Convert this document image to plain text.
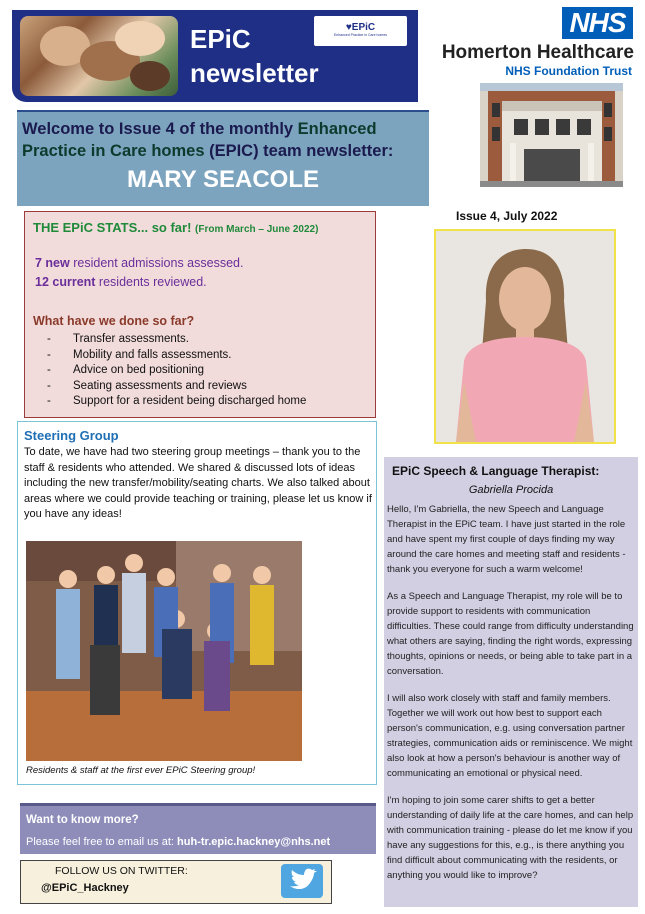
EPiC
newsletter
♥EPiC
Enhanced Practice in Care homes	NHS
Homerton Healthcare
NHS Foundation Trust
Welcome to Issue 4 of the monthly Enhanced Practice in Care homes (EPIC) team newsletter:
MARY SEACOLE
THE EPiC STATS... so far! (From March – June 2022)
7 new resident admissions assessed.
12 current residents reviewed.
What have we done so far?
- Transfer assessments.
- Mobility and falls assessments.
- Advice on bed positioning
- Seating assessments and reviews
- Support for a resident being discharged home
Steering Group
To date, we have had two steering group meetings – thank you to the staff & residents who attended. We shared & discussed lots of ideas including the new transfer/mobility/seating charts. We also talked about areas where we could provide teaching or training, please let us know if you have any ideas!
Residents & staff at the first ever EPiC Steering group!
Want to know more?
Please feel free to email us at: huh-tr.epic.hackney@nhs.net
FOLLOW US ON TWITTER:
@EPiC_Hackney
Issue 4, July 2022
EPiC Speech & Language Therapist:
Gabriella Procida

Hello, I'm Gabriella, the new Speech and Language Therapist in the EPiC team. I have just started in the role and have spent my first couple of days finding my way around the care homes and meeting staff and residents - thank you everyone for such a warm welcome!

As a Speech and Language Therapist, my role will be to provide support to residents with communication difficulties. These could range from difficulty understanding what others are saying, finding the right words, expressing thoughts, opinions or needs, or being able to take part in a conversation.

I will also work closely with staff and family members. Together we will work out how best to support each person's communication, e.g. using conversation partner strategies, communication aids or reminiscence. We might also look at how a person's behaviour is another way of communicating an emotional or physical need.

I'm hoping to join some carer shifts to get a better understanding of daily life at the care homes, and can help with communication training - please do let me know if you have any suggestions for this, e.g., is there anything you find difficult about communicating with the residents, or anything you would like to improve?
